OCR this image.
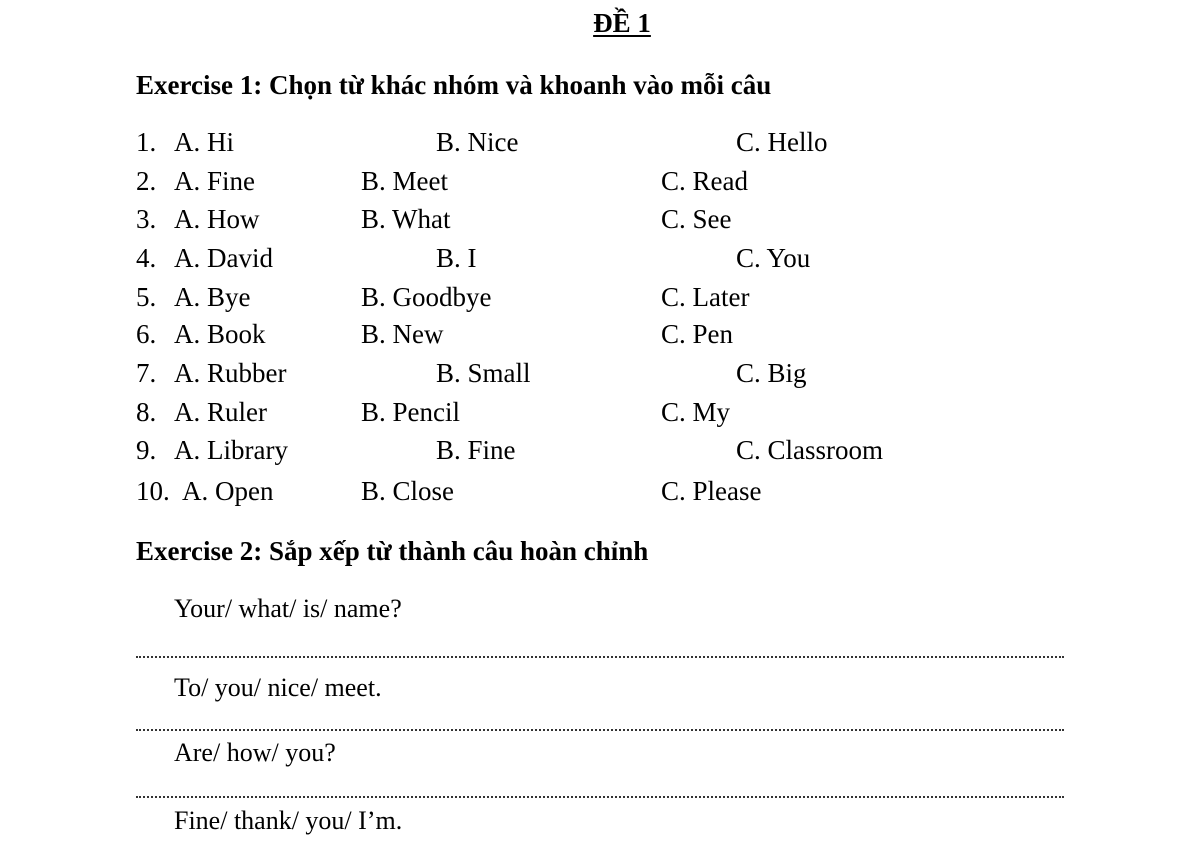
ĐỀ 1
Exercise 1: Chọn từ khác nhóm và khoanh vào mỗi câu
1. A. Hi	B. Nice	C. Hello
2. A. Fine	B. Meet	C. Read
3. A. How	B. What	C. See
4. A. David	B. I	C. You
5. A. Bye	B. Goodbye	C. Later
6. A. Book	B. New	C. Pen
7. A. Rubber	B. Small	C. Big
8. A. Ruler	B. Pencil	C. My
9. A. Library	B. Fine	C. Classroom
10. A. Open	B. Close	C. Please
Exercise 2: Sắp xếp từ thành câu hoàn chỉnh

Your/ what/ is/ name?

To/ you/ nice/ meet.

Are/ how/ you?

Fine/ thank/ you/ I’m.
